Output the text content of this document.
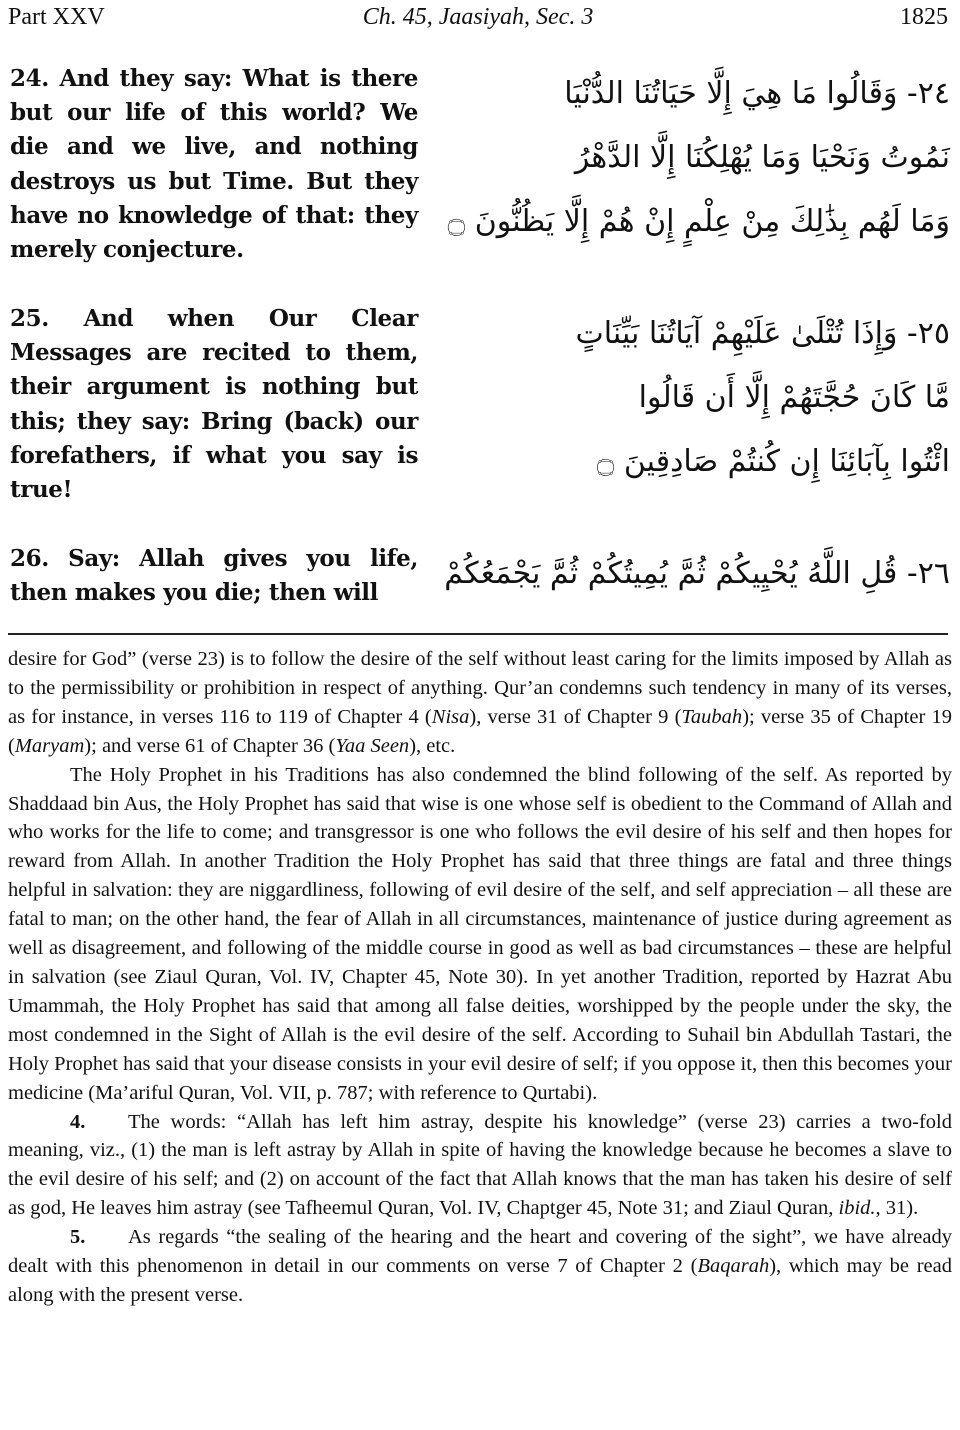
Part XXV	Ch. 45, Jaasiyah, Sec. 3	1825
24. And they say: What is there but our life of this world? We die and we live, and nothing destroys us but Time. But they have no knowledge of that: they merely conjecture.
٢٤- وَقَالُوا مَا هِيَ إِلَّا حَيَاتُنَا الدُّنْيَا
نَمُوتُ وَنَحْيَا وَمَا يُهْلِكُنَا إِلَّا الدَّهْرُ
وَمَا لَهُم بِذَٰلِكَ مِنْ عِلْمٍ إِنْ هُمْ إِلَّا يَظُنُّونَ ۝
25. And when Our Clear Messages are recited to them, their argument is nothing but this; they say: Bring (back) our forefathers, if what you say is true!
٢٥- وَإِذَا تُتْلَىٰ عَلَيْهِمْ آيَاتُنَا بَيِّنَاتٍ
مَّا كَانَ حُجَّتَهُمْ إِلَّا أَن قَالُوا
ائْتُوا بِآبَائِنَا إِن كُنتُمْ صَادِقِينَ ۝
26. Say: Allah gives you life, then makes you die; then will
٢٦- قُلِ اللَّهُ يُحْيِيكُمْ ثُمَّ يُمِيتُكُمْ ثُمَّ يَجْمَعُكُمْ

desire for God” (verse 23) is to follow the desire of the self without least caring for the limits imposed by Allah as to the permissibility or prohibition in respect of anything. Qur’an condemns such tendency in many of its verses, as for instance, in verses 116 to 119 of Chapter 4 (Nisa), verse 31 of Chapter 9 (Taubah); verse 35 of Chapter 19 (Maryam); and verse 61 of Chapter 36 (Yaa Seen), etc.

The Holy Prophet in his Traditions has also condemned the blind following of the self. As reported by Shaddaad bin Aus, the Holy Prophet has said that wise is one whose self is obedient to the Command of Allah and who works for the life to come; and transgressor is one who follows the evil desire of his self and then hopes for reward from Allah. In another Tradition the Holy Prophet has said that three things are fatal and three things helpful in salvation: they are niggardliness, following of evil desire of the self, and self appreciation – all these are fatal to man; on the other hand, the fear of Allah in all circumstances, maintenance of justice during agreement as well as disagreement, and following of the middle course in good as well as bad circumstances – these are helpful in salvation (see Ziaul Quran, Vol. IV, Chapter 45, Note 30). In yet another Tradition, reported by Hazrat Abu Umammah, the Holy Prophet has said that among all false deities, worshipped by the people under the sky, the most condemned in the Sight of Allah is the evil desire of the self. According to Suhail bin Abdullah Tastari, the Holy Prophet has said that your disease consists in your evil desire of self; if you oppose it, then this becomes your medicine (Ma’ariful Quran, Vol. VII, p. 787; with reference to Qurtabi).

4. The words: “Allah has left him astray, despite his knowledge” (verse 23) carries a two-fold meaning, viz., (1) the man is left astray by Allah in spite of having the knowledge because he becomes a slave to the evil desire of his self; and (2) on account of the fact that Allah knows that the man has taken his desire of self as god, He leaves him astray (see Tafheemul Quran, Vol. IV, Chaptger 45, Note 31; and Ziaul Quran, ibid., 31).

5. As regards “the sealing of the hearing and the heart and covering of the sight”, we have already dealt with this phenomenon in detail in our comments on verse 7 of Chapter 2 (Baqarah), which may be read along with the present verse.
